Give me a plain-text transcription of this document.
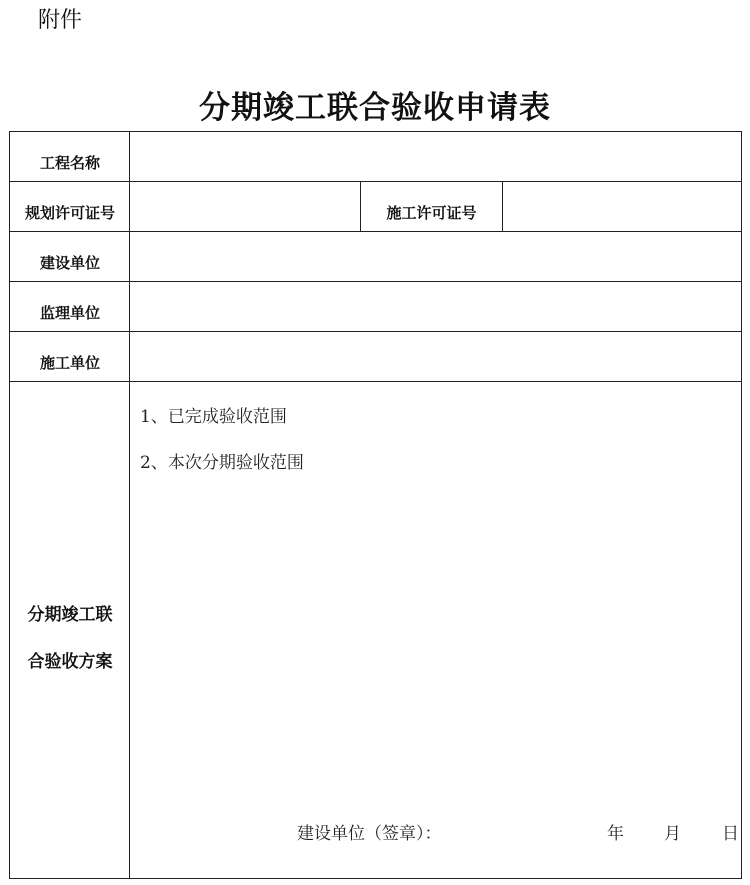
附件
分期竣工联合验收申请表
工程名称
规划许可证号	施工许可证号
建设单位
监理单位
施工单位
分期竣工联
合验收方案
1、已完成验收范围
2、本次分期验收范围
建设单位（签章）：	年 月 日
